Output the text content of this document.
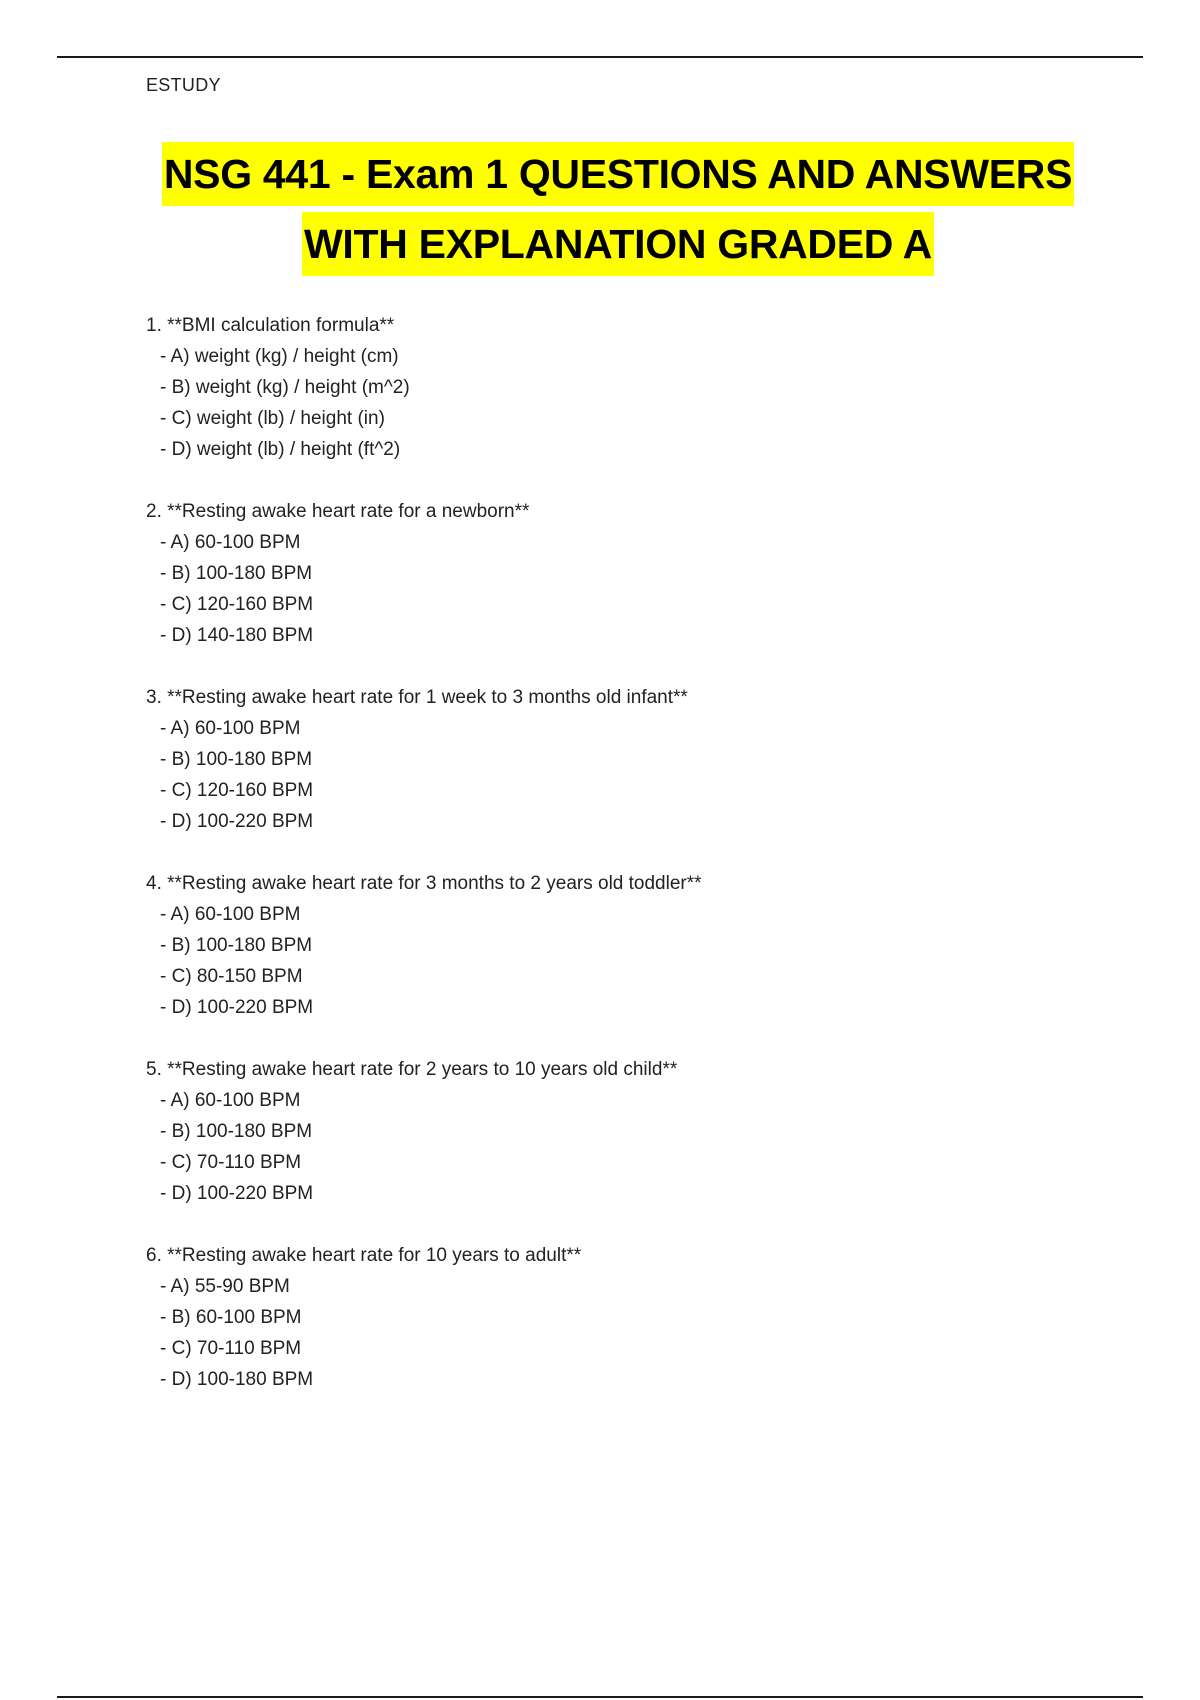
ESTUDY
NSG 441 - Exam 1 QUESTIONS AND ANSWERS
WITH EXPLANATION GRADED A
1. **BMI calculation formula**
- A) weight (kg) / height (cm)
- B) weight (kg) / height (m^2)
- C) weight (lb) / height (in)
- D) weight (lb) / height (ft^2)
2. **Resting awake heart rate for a newborn**
- A) 60-100 BPM
- B) 100-180 BPM
- C) 120-160 BPM
- D) 140-180 BPM
3. **Resting awake heart rate for 1 week to 3 months old infant**
- A) 60-100 BPM
- B) 100-180 BPM
- C) 120-160 BPM
- D) 100-220 BPM
4. **Resting awake heart rate for 3 months to 2 years old toddler**
- A) 60-100 BPM
- B) 100-180 BPM
- C) 80-150 BPM
- D) 100-220 BPM
5. **Resting awake heart rate for 2 years to 10 years old child**
- A) 60-100 BPM
- B) 100-180 BPM
- C) 70-110 BPM
- D) 100-220 BPM
6. **Resting awake heart rate for 10 years to adult**
- A) 55-90 BPM
- B) 60-100 BPM
- C) 70-110 BPM
- D) 100-180 BPM
